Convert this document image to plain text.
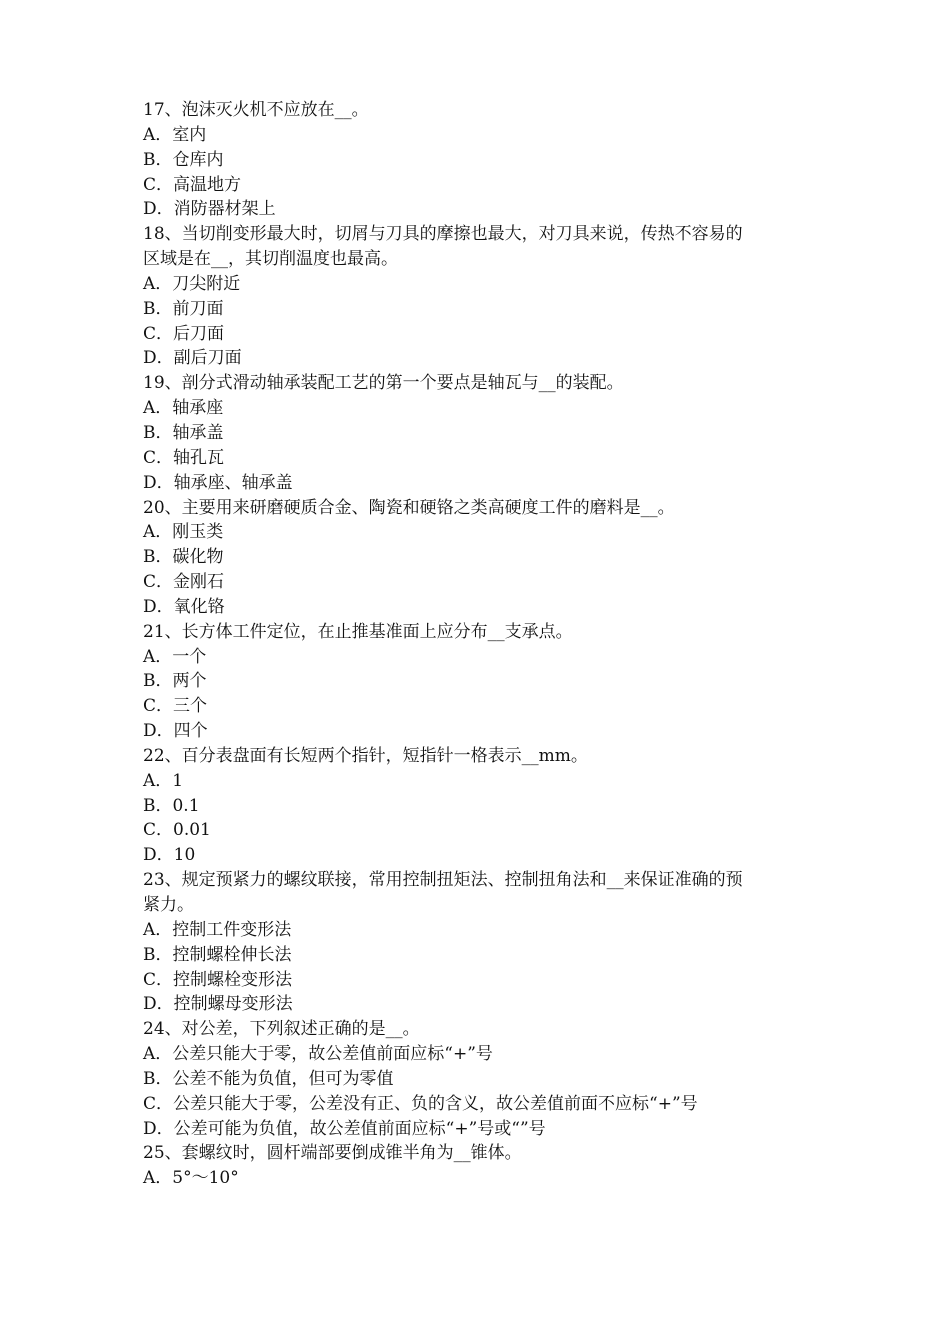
17、泡沫灭火机不应放在__。
A．室内
B．仓库内
C．高温地方
D．消防器材架上
18、当切削变形最大时，切屑与刀具的摩擦也最大，对刀具来说，传热不容易的
区域是在__，其切削温度也最高。
A．刀尖附近
B．前刀面
C．后刀面
D．副后刀面
19、剖分式滑动轴承装配工艺的第一个要点是轴瓦与__的装配。
A．轴承座
B．轴承盖
C．轴孔瓦
D．轴承座、轴承盖
20、主要用来研磨硬质合金、陶瓷和硬铬之类高硬度工件的磨料是__。
A．刚玉类
B．碳化物
C．金刚石
D．氧化铬
21、长方体工件定位，在止推基准面上应分布__支承点。
A．一个
B．两个
C．三个
D．四个
22、百分表盘面有长短两个指针，短指针一格表示__mm。
A．1
B．0.1
C．0.01
D．10
23、规定预紧力的螺纹联接，常用控制扭矩法、控制扭角法和__来保证准确的预
紧力。
A．控制工件变形法
B．控制螺栓伸长法
C．控制螺栓变形法
D．控制螺母变形法
24、对公差，下列叙述正确的是__。
A．公差只能大于零，故公差值前面应标“+”号
B．公差不能为负值，但可为零值
C．公差只能大于零，公差没有正、负的含义，故公差值前面不应标“+”号
D．公差可能为负值，故公差值前面应标“+”号或“”号
25、套螺纹时，圆杆端部要倒成锥半角为__锥体。
A．5°～10°
